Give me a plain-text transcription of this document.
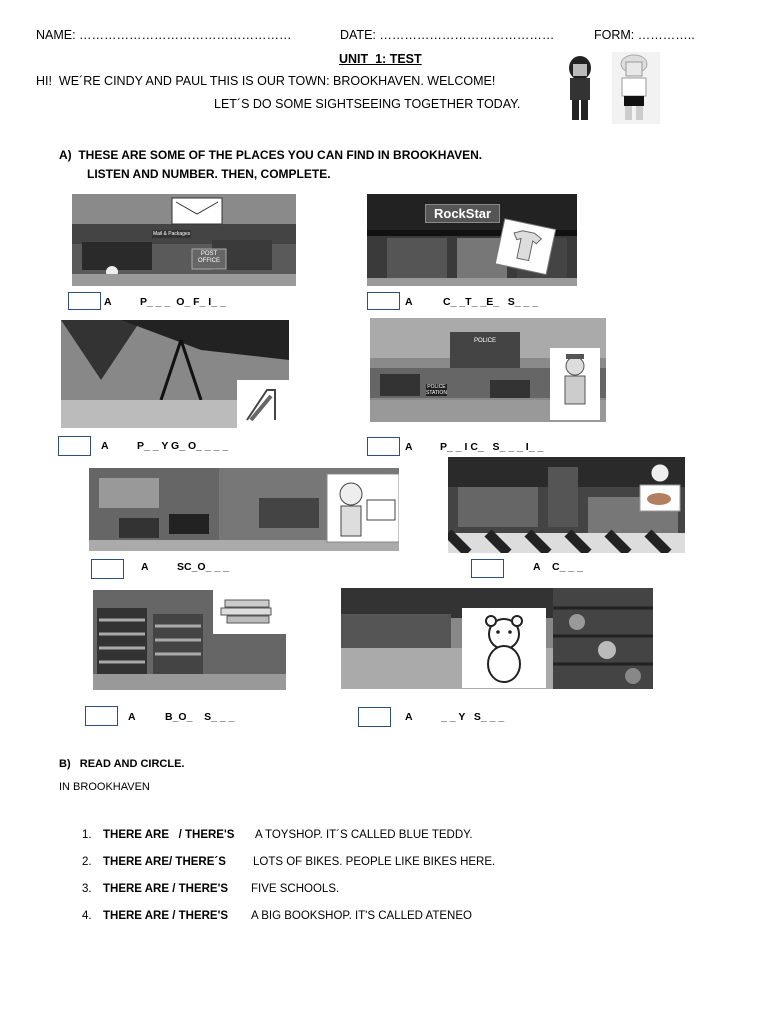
NAME: ……………………………………………	DATE: ……………………………………	FORM: …………..
UNIT  1: TEST
HI!  WE´RE CINDY AND PAUL THIS IS OUR TOWN: BROOKHAVEN. WELCOME!
LET´S DO SOME SIGHTSEEING TOGETHER TODAY.
A)  THESE ARE SOME OF THE PLACES YOU CAN FIND IN BROOKHAVEN.
LISTEN AND NUMBER. THEN, COMPLETE.
Mail & Packages
POST
OFFICE
RockStar
A	P_ _ _  O_ F_ I_ _	A	C_ _T_ _E_   S_ _ _
POLICE
POLICE
STATION
A	P_ _ Y G_ O_ _ _ _	A	P_ _ I C_   S_ _ _ I_ _
A	SC_O_ _ _	A C_ _ _
A	B_O_    S_ _ _	A	_ _ Y   S_ _ _
B)   READ AND CIRCLE.
IN BROOKHAVEN
1. THERE ARE   / THERE'S A TOYSHOP. IT´S CALLED BLUE TEDDY.
2. THERE ARE/ THERE´S LOTS OF BIKES. PEOPLE LIKE BIKES HERE.
3. THERE ARE / THERE'S FIVE SCHOOLS.
4. THERE ARE / THERE'S A BIG BOOKSHOP. IT'S CALLED ATENEO
